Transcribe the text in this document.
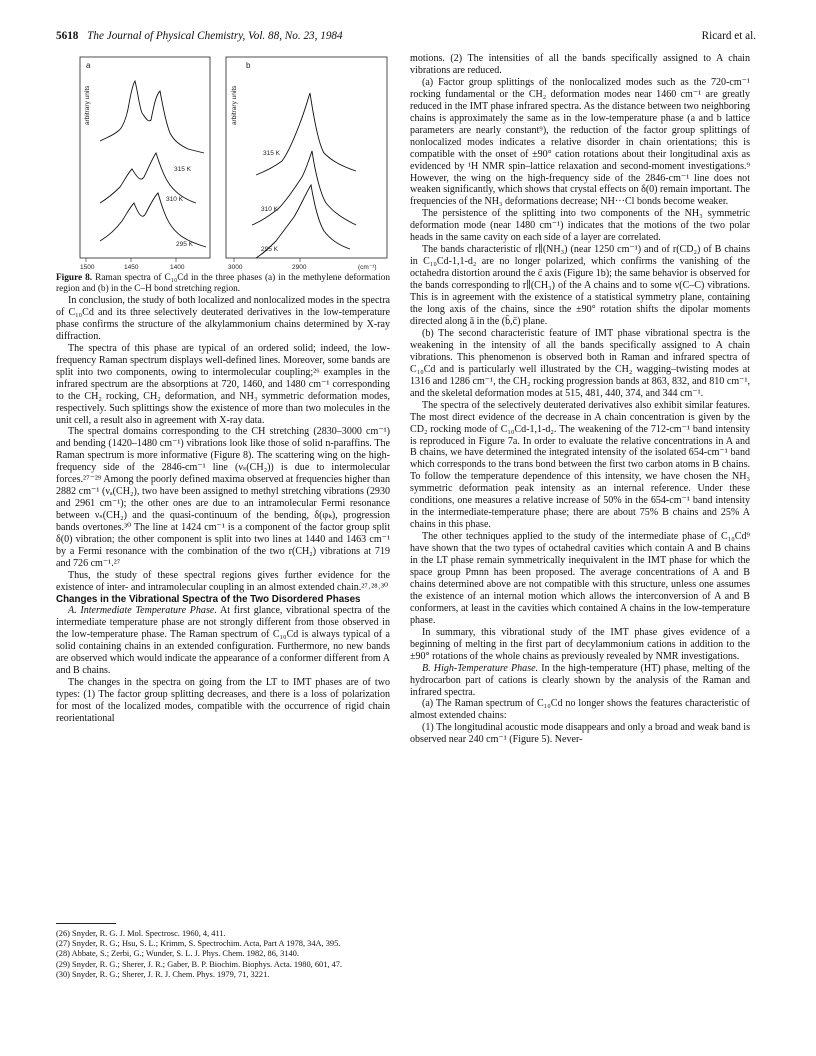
5618 The Journal of Physical Chemistry, Vol. 88, No. 23, 1984	Ricard et al.
a
arbitrary units
315 K
310 K
295 K
1500	1450	1400
b
arbitrary units
315 K
310 K
295 K
3000	2900	(cm⁻¹)

Figure 8. Raman spectra of C₁₀Cd in the three phases (a) in the methylene deformation region and (b) in the C–H bond stretching region.

In conclusion, the study of both localized and nonlocalized modes in the spectra of C₁₀Cd and its three selectively deuterated derivatives in the low-temperature phase confirms the structure of the alkylammonium chains determined by X-ray diffraction.

The spectra of this phase are typical of an ordered solid; indeed, the low-frequency Raman spectrum displays well-defined lines. Moreover, some bands are split into two components, owing to intermolecular coupling;²⁶ examples in the infrared spectrum are the absorptions at 720, 1460, and 1480 cm⁻¹ corresponding to the CH₂ rocking, CH₂ deformation, and NH₃ symmetric deformation modes, respectively. Such splittings show the existence of more than two molecules in the unit cell, a result also in agreement with X-ray data.

The spectral domains corresponding to the CH stretching (2830–3000 cm⁻¹) and bending (1420–1480 cm⁻¹) vibrations look like those of solid n-paraffins. The Raman spectrum is more informative (Figure 8). The scattering wing on the high-frequency side of the 2846-cm⁻¹ line (νₛ(CH₂)) is due to intermolecular forces.²⁷⁻²⁹ Among the poorly defined maxima observed at frequencies higher than 2882 cm⁻¹ (νₐ(CH₂), two have been assigned to methyl stretching vibrations (2930 and 2961 cm⁻¹); the other ones are due to an intramolecular Fermi resonance between νₛ(CH₂) and the quasi-continuum of the bending, δ(φₖ), progression bands overtones.³⁰ The line at 1424 cm⁻¹ is a component of the factor group split δ(0) vibration; the other component is split into two lines at 1440 and 1463 cm⁻¹ by a Fermi resonance with the combination of the two r(CH₂) vibrations at 719 and 726 cm⁻¹.²⁷

Thus, the study of these spectral regions gives further evidence for the existence of inter- and intramolecular coupling in an almost extended chain.²⁷˒²⁸˒³⁰

Changes in the Vibrational Spectra of the Two Disordered Phases

A. Intermediate Temperature Phase. At first glance, vibrational spectra of the intermediate temperature phase are not strongly different from those observed in the low-temperature phase. The Raman spectrum of C₁₀Cd is always typical of a solid containing chains in an extended configuration. Furthermore, no new bands are observed which would indicate the appearance of a conformer different from A and B chains.

The changes in the spectra on going from the LT to IMT phases are of two types: (1) The factor group splitting decreases, and there is a loss of polarization for most of the localized modes, compatible with the occurrence of rigid chain reorientational

(26) Snyder, R. G. J. Mol. Spectrosc. 1960, 4, 411.
(27) Snyder, R. G.; Hsu, S. L.; Krimm, S. Spectrochim. Acta, Part A 1978, 34A, 395.
(28) Abbate, S.; Zerbi, G.; Wunder, S. L. J. Phys. Chem. 1982, 86, 3140.
(29) Snyder, R. G.; Sherer, J. R.; Gaber, B. P. Biochim. Biophys. Acta. 1980, 601, 47.
(30) Snyder, R. G.; Sherer, J. R. J. Chem. Phys. 1979, 71, 3221.

motions. (2) The intensities of all the bands specifically assigned to A chain vibrations are reduced.

(a) Factor group splittings of the nonlocalized modes such as the 720-cm⁻¹ rocking fundamental or the CH₂ deformation modes near 1460 cm⁻¹ are greatly reduced in the IMT phase infrared spectra. As the distance between two neighboring chains is approximately the same as in the low-temperature phase (a and b lattice parameters are nearly constant⁹), the reduction of the factor group splittings of nonlocalized modes indicates a relative disorder in chain orientations; this is compatible with the onset of ±90° cation rotations about their longitudinal axis as evidenced by ¹H NMR spin–lattice relaxation and second-moment investigations.⁹ However, the wing on the high-frequency side of the 2846-cm⁻¹ line does not weaken significantly, which shows that crystal effects on δ(0) remain important. The frequencies of the NH₃ deformations decrease; NH···Cl bonds become weaker.

The persistence of the splitting into two components of the NH₃ symmetric deformation mode (near 1480 cm⁻¹) indicates that the motions of the two polar heads in the same cavity on each side of a layer are correlated.

The bands characteristic of r∥(NH₃) (near 1250 cm⁻¹) and of r(CD₂) of B chains in C₁₀Cd-1,1-d₂ are no longer polarized, which confirms the vanishing of the octahedra distortion around the c̄ axis (Figure 1b); the same behavior is observed for the bands corresponding to r∥(CH₃) of the A chains and to some ν(C–C) vibrations. This is in agreement with the existence of a statistical symmetry plane, containing the long axis of the chains, since the ±90° rotation shifts the dipolar moments directed along ā in the (b̄,c̄) plane.

(b) The second characteristic feature of IMT phase vibrational spectra is the weakening in the intensity of all the bands specifically assigned to A chain vibrations. This phenomenon is observed both in Raman and infrared spectra of C₁₀Cd and is particularly well illustrated by the CH₂ wagging–twisting modes at 1316 and 1286 cm⁻¹, the CH₂ rocking progression bands at 863, 832, and 810 cm⁻¹, and the skeletal deformation modes at 515, 481, 440, 374, and 344 cm⁻¹.

The spectra of the selectively deuterated derivatives also exhibit similar features. The most direct evidence of the decrease in A chain concentration is given by the CD₂ rocking mode of C₁₀Cd-1,1-d₂. The weakening of the 712-cm⁻¹ band intensity is reproduced in Figure 7a. In order to evaluate the relative concentrations in A and B chains, we have determined the integrated intensity of the isolated 654-cm⁻¹ band which corresponds to the trans bond between the first two carbon atoms in B chains. To follow the temperature dependence of this intensity, we have chosen the NH₃ symmetric deformation peak intensity as an internal reference. Under these conditions, one measures a relative increase of 50% in the 654-cm⁻¹ band intensity in the intermediate-temperature phase; there are about 75% B chains and 25% A chains in this phase.

The other techniques applied to the study of the intermediate phase of C₁₀Cd⁹ have shown that the two types of octahedral cavities which contain A and B chains in the LT phase remain symmetrically inequivalent in the IMT phase for which the space group Pmnn has been proposed. The average concentrations of A and B chains determined above are not compatible with this structure, unless one assumes the existence of an internal motion which allows the interconversion of A and B conformers, at least in the cavities which contained A chains in the low-temperature phase.

In summary, this vibrational study of the IMT phase gives evidence of a beginning of melting in the first part of decylammonium cations in addition to the ±90° rotations of the whole chains as previously revealed by NMR investigations.

B. High-Temperature Phase. In the high-temperature (HT) phase, melting of the hydrocarbon part of cations is clearly shown by the analysis of the Raman and infrared spectra.

(a) The Raman spectrum of C₁₀Cd no longer shows the features characteristic of almost extended chains:

(1) The longitudinal acoustic mode disappears and only a broad and weak band is observed near 240 cm⁻¹ (Figure 5). Never-
